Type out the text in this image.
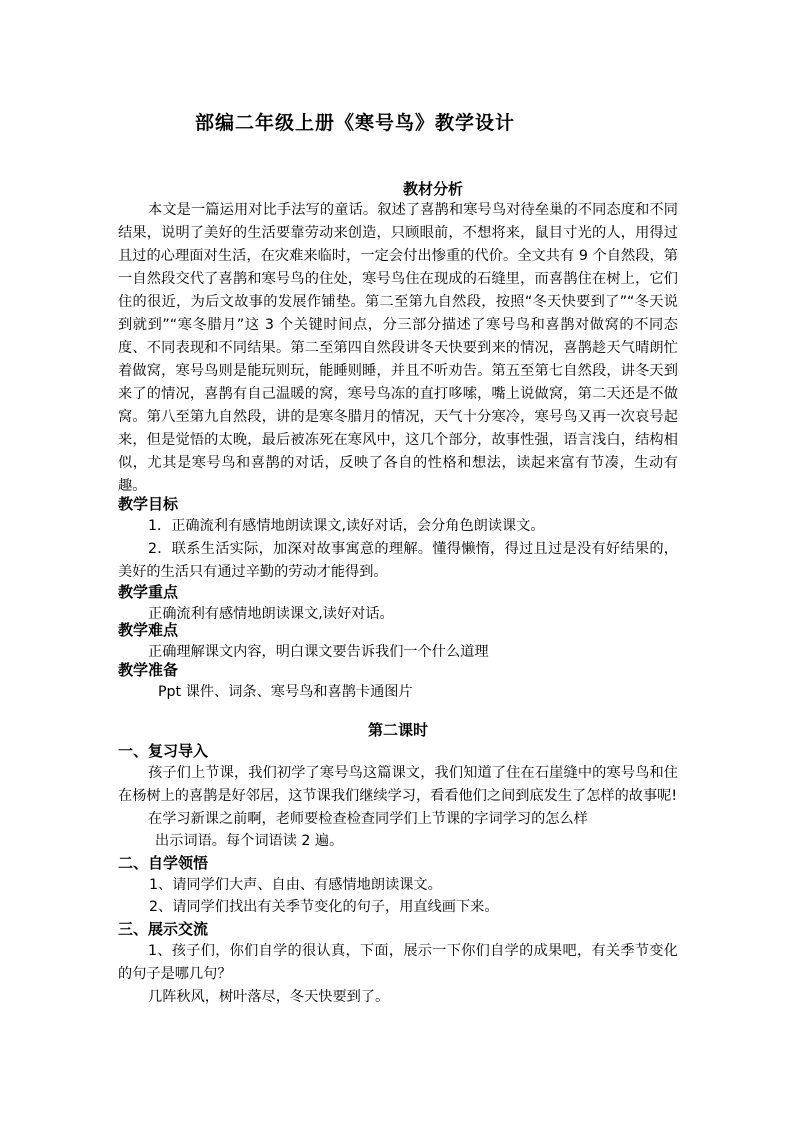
部编二年级上册《寒号鸟》教学设计
教材分析
本文是一篇运用对比手法写的童话。叙述了喜鹊和寒号鸟对待垒巢的不同态度和不同结果，说明了美好的生活要靠劳动来创造，只顾眼前，不想将来，鼠目寸光的人，用得过且过的心理面对生活，在灾难来临时，一定会付出惨重的代价。全文共有 9 个自然段，第一自然段交代了喜鹊和寒号鸟的住处，寒号鸟住在现成的石缝里，而喜鹊住在树上，它们住的很近，为后文故事的发展作铺垫。第二至第九自然段，按照“冬天快要到了”“冬天说到就到”“寒冬腊月”这 3 个关键时间点，分三部分描述了寒号鸟和喜鹊对做窝的不同态度、不同表现和不同结果。第二至第四自然段讲冬天快要到来的情况，喜鹊趁天气晴朗忙着做窝，寒号鸟则是能玩则玩，能睡则睡，并且不听劝告。第五至第七自然段，讲冬天到来了的情况，喜鹊有自己温暖的窝，寒号鸟冻的直打哆嗦，嘴上说做窝，第二天还是不做窝。第八至第九自然段，讲的是寒冬腊月的情况，天气十分寒冷，寒号鸟又再一次哀号起来，但是觉悟的太晚，最后被冻死在寒风中，这几个部分，故事性强，语言浅白，结构相似，尤其是寒号鸟和喜鹊的对话，反映了各自的性格和想法，读起来富有节凑，生动有趣。
教学目标
1．正确流利有感情地朗读课文,读好对话，会分角色朗读课文。
2．联系生活实际，加深对故事寓意的理解。懂得懒惰，得过且过是没有好结果的，美好的生活只有通过辛勤的劳动才能得到。
教学重点
正确流利有感情地朗读课文,读好对话。
教学难点
正确理解课文内容，明白课文要告诉我们一个什么道理
教学准备
Ppt 课件、词条、寒号鸟和喜鹊卡通图片
第二课时
一、复习导入
孩子们上节课，我们初学了寒号鸟这篇课文，我们知道了住在石崖缝中的寒号鸟和住在杨树上的喜鹊是好邻居，这节课我们继续学习，看看他们之间到底发生了怎样的故事呢!
在学习新课之前啊，老师要检查检查同学们上节课的字词学习的怎么样
出示词语。每个词语读 2 遍。
二、自学领悟
1、请同学们大声、自由、有感情地朗读课文。
2、请同学们找出有关季节变化的句子，用直线画下来。
三、展示交流
1、孩子们，你们自学的很认真，下面，展示一下你们自学的成果吧，有关季节变化的句子是哪几句？
几阵秋风，树叶落尽，冬天快要到了。
